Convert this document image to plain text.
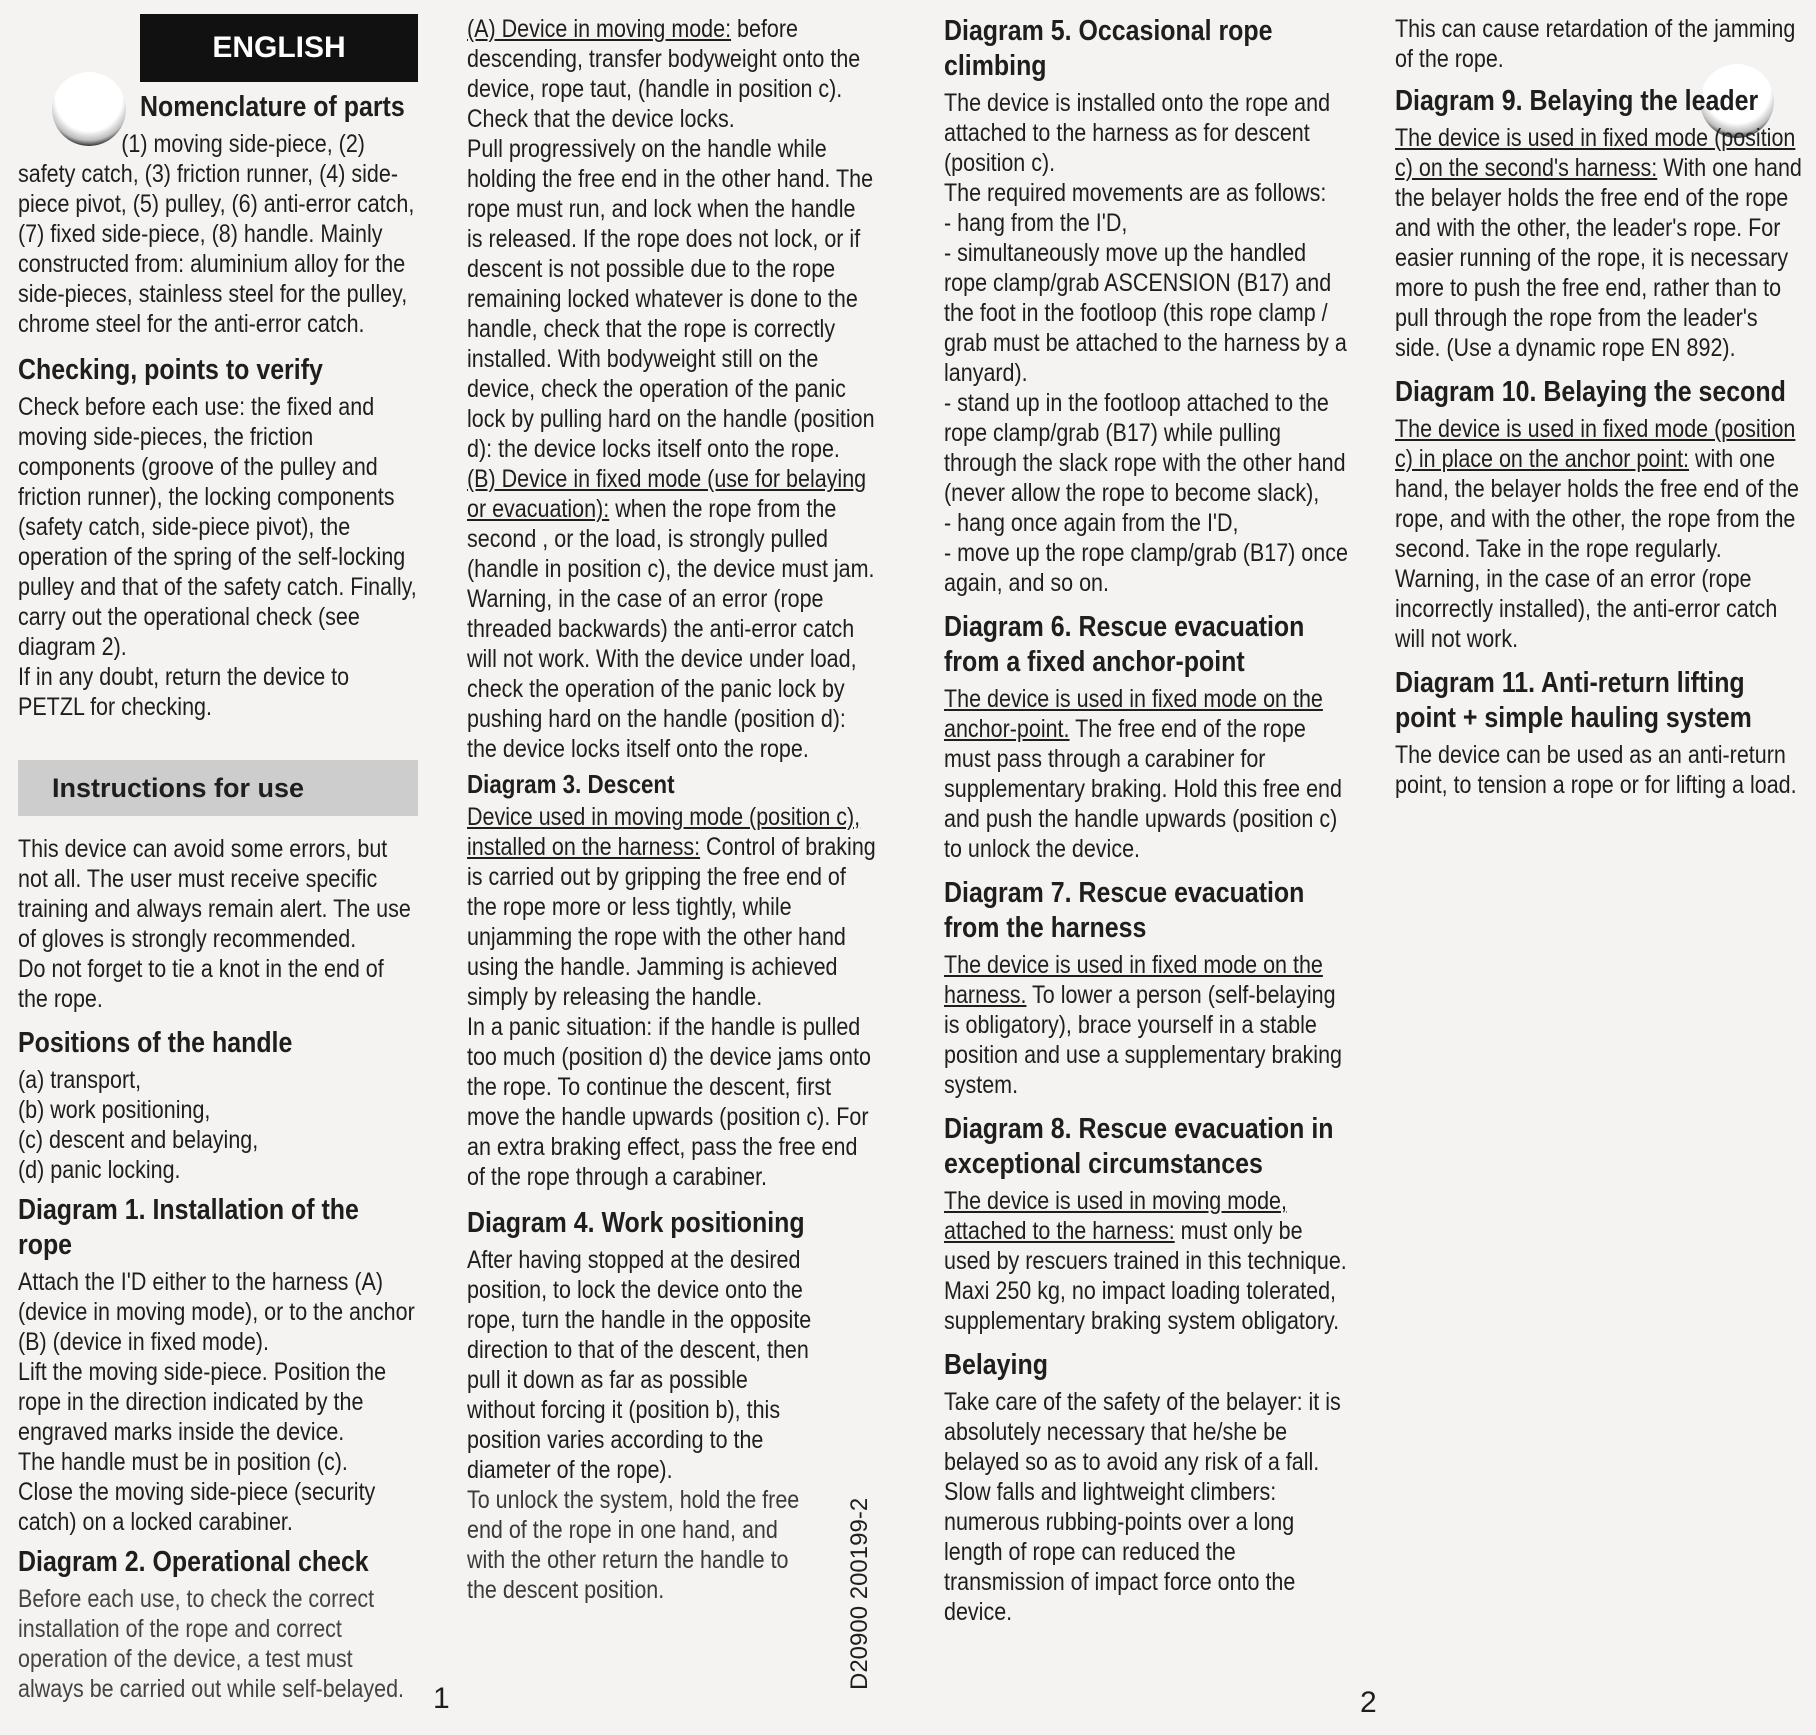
ENGLISH
Nomenclature of parts

(1) moving side-piece, (2) safety catch, (3) friction runner, (4) side-piece pivot, (5) pulley, (6) anti-error catch, (7) fixed side-piece, (8) handle. Mainly constructed from: aluminium alloy for the side-pieces, stainless steel for the pulley, chrome steel for the anti-error catch.

Checking, points to verify

Check before each use: the fixed and moving side-pieces, the friction components (groove of the pulley and friction runner), the locking components (safety catch, side-piece pivot), the operation of the spring of the self-locking pulley and that of the safety catch. Finally, carry out the operational check (see diagram 2).

If in any doubt, return the device to PETZL for checking.

Instructions for use

This device can avoid some errors, but not all. The user must receive specific training and always remain alert. The use of gloves is strongly recommended.

Do not forget to tie a knot in the end of the rope.

Positions of the handle

(a) transport,

(b) work positioning,

(c) descent and belaying,

(d) panic locking.

Diagram 1. Installation of the rope

Attach the I'D either to the harness (A) (device in moving mode), or to the anchor (B) (device in fixed mode).

Lift the moving side-piece. Position the rope in the direction indicated by the engraved marks inside the device.

The handle must be in position (c).

Close the moving side-piece (security catch) on a locked carabiner.

Diagram 2. Operational check

Before each use, to check the correct installation of the rope and correct operation of the device, a test must always be carried out while self-belayed.

(A) Device in moving mode: before descending, transfer bodyweight onto the device, rope taut, (handle in position c). Check that the device locks.

Pull progressively on the handle while holding the free end in the other hand. The rope must run, and lock when the handle is released. If the rope does not lock, or if descent is not possible due to the rope remaining locked whatever is done to the handle, check that the rope is correctly installed. With bodyweight still on the device, check the operation of the panic lock by pulling hard on the handle (position d): the device locks itself onto the rope.

(B) Device in fixed mode (use for belaying or evacuation): when the rope from the second , or the load, is strongly pulled (handle in position c), the device must jam. Warning, in the case of an error (rope threaded backwards) the anti-error catch will not work. With the device under load, check the operation of the panic lock by pushing hard on the handle (position d): the device locks itself onto the rope.

Diagram 3. Descent

Device used in moving mode (position c), installed on the harness: Control of braking is carried out by gripping the free end of the rope more or less tightly, while unjamming the rope with the other hand using the handle. Jamming is achieved simply by releasing the handle.

In a panic situation: if the handle is pulled too much (position d) the device jams onto the rope. To continue the descent, first move the handle upwards (position c). For an extra braking effect, pass the free end of the rope through a carabiner.

Diagram 4. Work positioning

After having stopped at the desired position, to lock the device onto the rope, turn the handle in the opposite direction to that of the descent, then pull it down as far as possible without forcing it (position b), this position varies according to the diameter of the rope).

To unlock the system, hold the free end of the rope in one hand, and with the other return the handle to the descent position.

Diagram 5. Occasional rope climbing

The device is installed onto the rope and attached to the harness as for descent (position c).

The required movements are as follows:

- hang from the I'D,

- simultaneously move up the handled rope clamp/grab ASCENSION (B17) and the foot in the footloop (this rope clamp / grab must be attached to the harness by a lanyard).

- stand up in the footloop attached to the rope clamp/grab (B17) while pulling through the slack rope with the other hand (never allow the rope to become slack),

- hang once again from the I'D,

- move up the rope clamp/grab (B17) once again, and so on.

Diagram 6. Rescue evacuation from a fixed anchor-point

The device is used in fixed mode on the anchor-point. The free end of the rope must pass through a carabiner for supplementary braking. Hold this free end and push the handle upwards (position c) to unlock the device.

Diagram 7. Rescue evacuation from the harness

The device is used in fixed mode on the harness. To lower a person (self-belaying is obligatory), brace yourself in a stable position and use a supplementary braking system.

Diagram 8. Rescue evacuation in exceptional circumstances

The device is used in moving mode, attached to the harness: must only be used by rescuers trained in this technique. Maxi 250 kg, no impact loading tolerated, supplementary braking system obligatory.

Belaying

Take care of the safety of the belayer: it is absolutely necessary that he/she be belayed so as to avoid any risk of a fall.

Slow falls and lightweight climbers: numerous rubbing-points over a long length of rope can reduced the transmission of impact force onto the device.

This can cause retardation of the jamming of the rope.

Diagram 9. Belaying the leader

The device is used in fixed mode (position c) on the second's harness: With one hand the belayer holds the free end of the rope and with the other, the leader's rope. For easier running of the rope, it is necessary more to push the free end, rather than to pull through the rope from the leader's side. (Use a dynamic rope EN 892).

Diagram 10. Belaying the second

The device is used in fixed mode (position c) in place on the anchor point: with one hand, the belayer holds the free end of the rope, and with the other, the rope from the second. Take in the rope regularly. Warning, in the case of an error (rope incorrectly installed), the anti-error catch will not work.

Diagram 11. Anti-return lifting point + simple hauling system

The device can be used as an anti-return point, to tension a rope or for lifting a load.

D20900 200199-2
1	2
